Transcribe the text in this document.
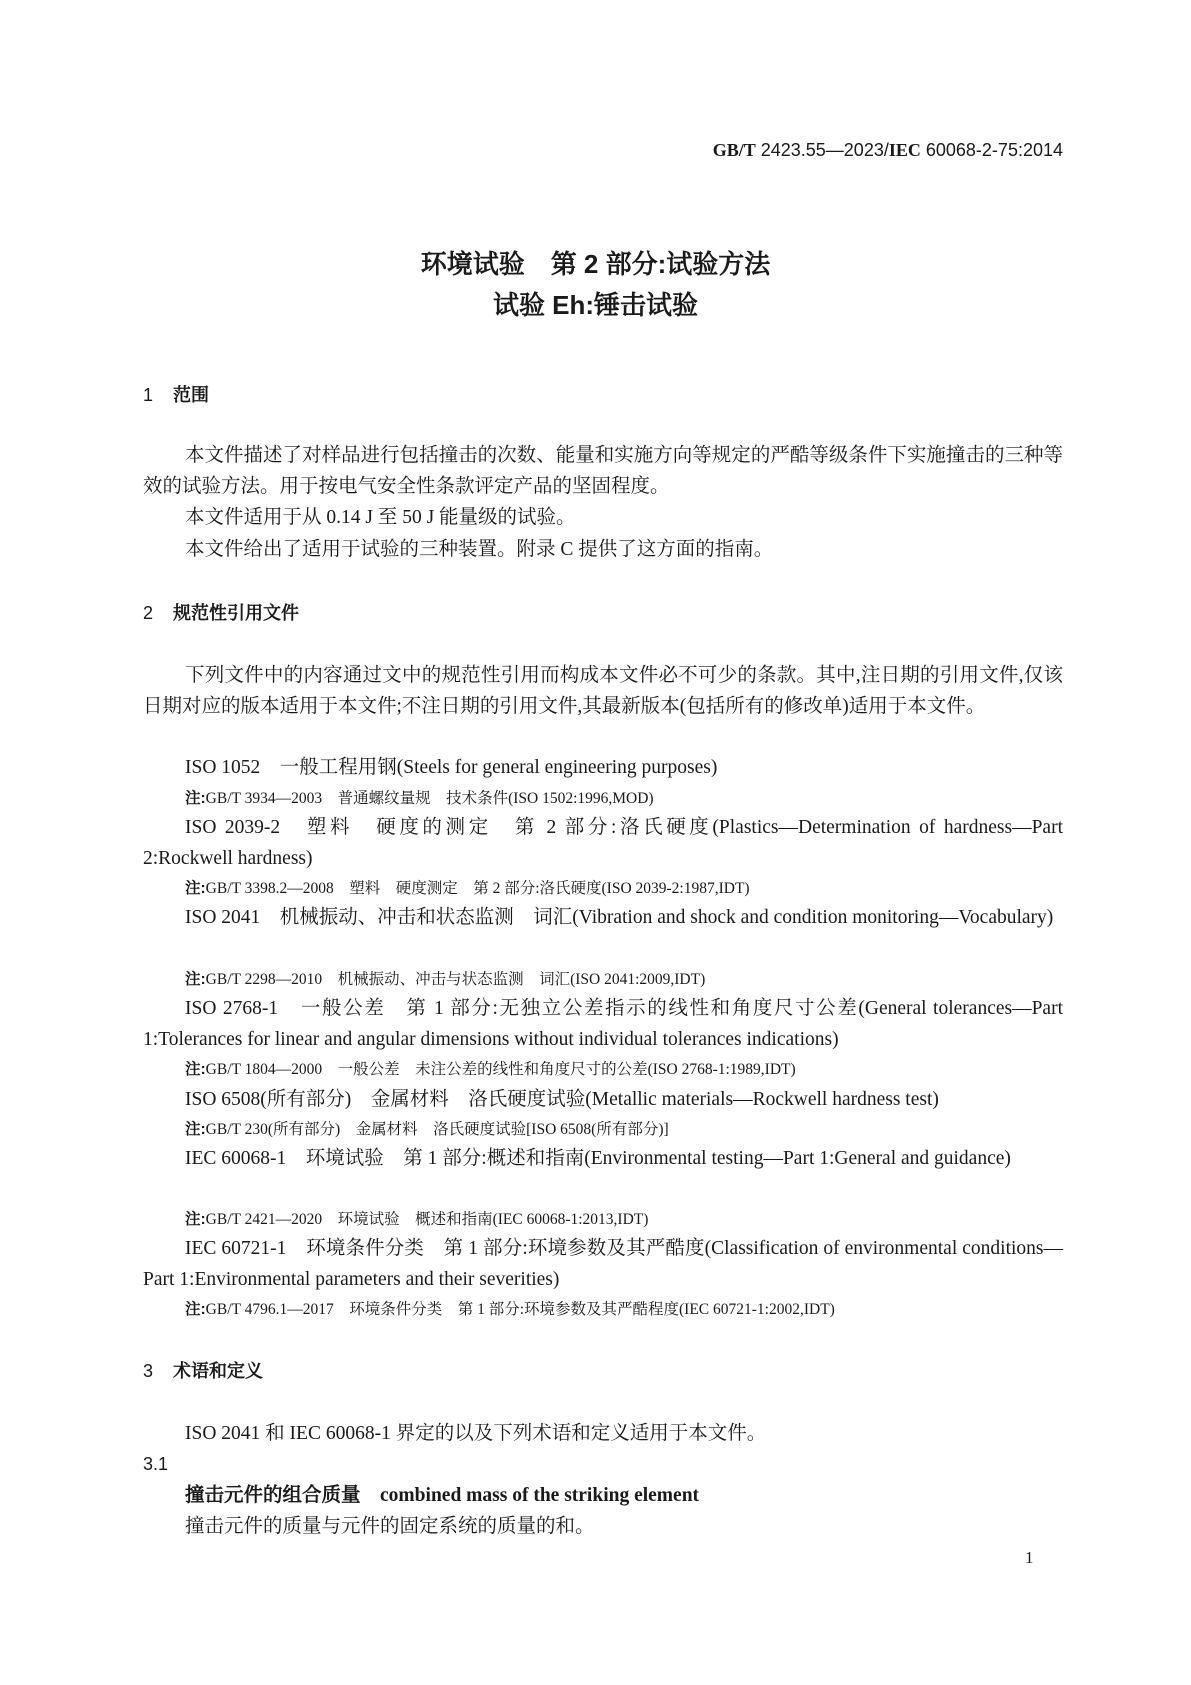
GB/T 2423.55—2023/IEC 60068-2-75:2014
环境试验　第 2 部分:试验方法
试验 Eh:锤击试验
1 范围
本文件描述了对样品进行包括撞击的次数、能量和实施方向等规定的严酷等级条件下实施撞击的三种等效的试验方法。用于按电气安全性条款评定产品的坚固程度。
本文件适用于从 0.14 J 至 50 J 能量级的试验。
本文件给出了适用于试验的三种装置。附录 C 提供了这方面的指南。
2 规范性引用文件
下列文件中的内容通过文中的规范性引用而构成本文件必不可少的条款。其中,注日期的引用文件,仅该日期对应的版本适用于本文件;不注日期的引用文件,其最新版本(包括所有的修改单)适用于本文件。
ISO 1052　一般工程用钢(Steels for general engineering purposes)
注:GB/T 3934—2003　普通螺纹量规　技术条件(ISO 1502:1996,MOD)
ISO 2039-2　塑料　硬度的测定　第 2 部分:洛氏硬度(Plastics—Determination of hardness—Part 2:Rockwell hardness)
注:GB/T 3398.2—2008　塑料　硬度测定　第 2 部分:洛氏硬度(ISO 2039-2:1987,IDT)
ISO 2041　机械振动、冲击和状态监测　词汇(Vibration and shock and condition monitoring—Vocabulary)
注:GB/T 2298—2010　机械振动、冲击与状态监测　词汇(ISO 2041:2009,IDT)
ISO 2768-1　一般公差　第 1 部分:无独立公差指示的线性和角度尺寸公差(General tolerances—Part 1:Tolerances for linear and angular dimensions without individual tolerances indications)
注:GB/T 1804—2000　一般公差　未注公差的线性和角度尺寸的公差(ISO 2768-1:1989,IDT)
ISO 6508(所有部分)　金属材料　洛氏硬度试验(Metallic materials—Rockwell hardness test)
注:GB/T 230(所有部分)　金属材料　洛氏硬度试验[ISO 6508(所有部分)]
IEC 60068-1　环境试验　第 1 部分:概述和指南(Environmental testing—Part 1:General and guidance)
注:GB/T 2421—2020　环境试验　概述和指南(IEC 60068-1:2013,IDT)
IEC 60721-1　环境条件分类　第 1 部分:环境参数及其严酷度(Classification of environmental conditions—Part 1:Environmental parameters and their severities)
注:GB/T 4796.1—2017　环境条件分类　第 1 部分:环境参数及其严酷程度(IEC 60721-1:2002,IDT)
3 术语和定义
ISO 2041 和 IEC 60068-1 界定的以及下列术语和定义适用于本文件。
3.1
撞击元件的组合质量　 combined mass of the striking element
撞击元件的质量与元件的固定系统的质量的和。
1
